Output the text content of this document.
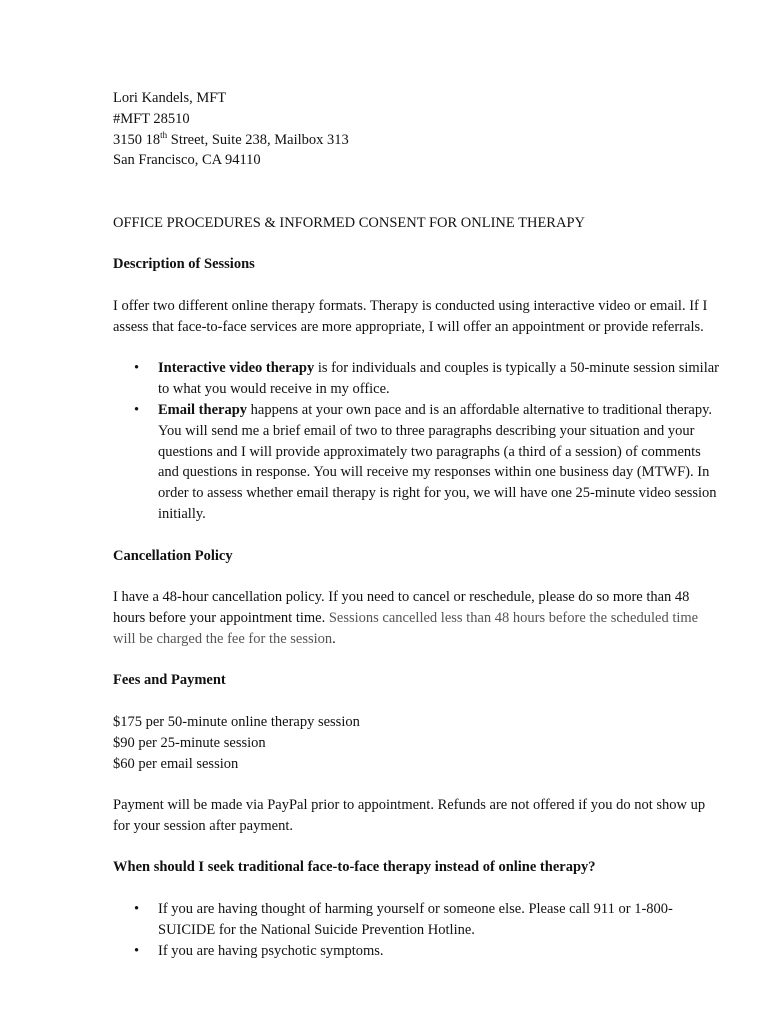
Lori Kandels, MFT
#MFT 28510
3150 18th Street, Suite 238, Mailbox 313
San Francisco, CA 94110
OFFICE PROCEDURES & INFORMED CONSENT FOR ONLINE THERAPY
Description of Sessions

I offer two different online therapy formats. Therapy is conducted using interactive video or email. If I assess that face-to-face services are more appropriate, I will offer an appointment or provide referrals.

• Interactive video therapy is for individuals and couples is typically a 50-minute session similar to what you would receive in my office.
• Email therapy happens at your own pace and is an affordable alternative to traditional therapy. You will send me a brief email of two to three paragraphs describing your situation and your questions and I will provide approximately two paragraphs (a third of a session) of comments and questions in response. You will receive my responses within one business day (MTWF). In order to assess whether email therapy is right for you, we will have one 25-minute video session initially.
Cancellation Policy

I have a 48-hour cancellation policy. If you need to cancel or reschedule, please do so more than 48 hours before your appointment time. Sessions cancelled less than 48 hours before the scheduled time will be charged the fee for the session.

Fees and Payment
$175 per 50-minute online therapy session
$90 per 25-minute session
$60 per email session

Payment will be made via PayPal prior to appointment. Refunds are not offered if you do not show up for your session after payment.

When should I seek traditional face-to-face therapy instead of online therapy?
• If you are having thought of harming yourself or someone else. Please call 911 or 1-800-SUICIDE for the National Suicide Prevention Hotline.
• If you are having psychotic symptoms.
